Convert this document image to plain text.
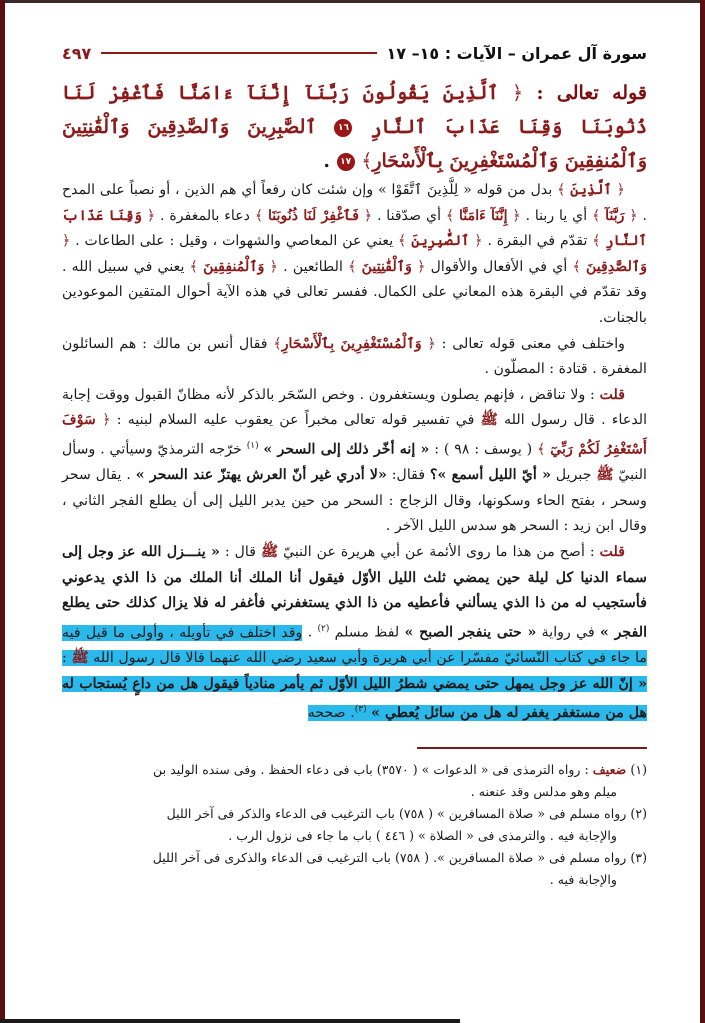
سورة آل عمران – الآيات : ١٥– ١٧
٤٩٧
قوله تعالى : ﴿ ٱلَّذِينَ يَقُولُونَ رَبَّنَآ إِنَّنَآ ءَامَنَّا فَٱغْفِرْ لَنَا ذُنُوبَنَا وَقِنَا عَذَابَ ٱلنَّارِ ١٦ ٱلصَّٰبِرِينَ وَٱلصَّٰدِقِينَ وَٱلْقَٰنِتِينَ وَٱلْمُنفِقِينَ وَٱلْمُسْتَغْفِرِينَ بِٱلْأَسْحَارِ﴾ ١٧ .

﴿ ٱلَّذِينَ ﴾ بدل من قوله « لِلَّذِينَ ٱتَّقَوْا » وإن شئت كان رفعاً أي هم الذين ، أو نصباً على المدح . ﴿ رَبَّنَآ ﴾ أي يا ربنا . ﴿ إِنَّنَآ ءَامَنَّا ﴾ أي صدّقنا . ﴿ فَٱغْفِرْ لَنَا ذُنُوبَنَا ﴾ دعاء بالمغفرة . ﴿ وَقِنَا عَذَابَ ٱلنَّارِ ﴾ تقدّم في البقرة . ﴿ ٱلصَّٰبِرِينَ ﴾ يعني عن المعاصي والشهوات ، وقيل : على الطاعات . ﴿ وَٱلصَّٰدِقِينَ ﴾ أي في الأفعال والأقوال ﴿ وَٱلْقَٰنِتِينَ ﴾ الطائعين . ﴿ وَٱلْمُنفِقِينَ ﴾ يعني في سبيل الله . وقد تقدّم في البقرة هذه المعاني على الكمال. ففسر تعالى في هذه الآية أحوال المتقين الموعودين بالجنات.

واختلف في معنى قوله تعالى : ﴿ وَٱلْمُسْتَغْفِرِينَ بِٱلْأَسْحَارِ﴾ فقال أنس بن مالك : هم السائلون المغفرة . قتادة : المصلّون .

قلت : ولا تناقض ، فإنهم يصلون ويستغفرون . وخص السّحَر بالذكر لأنه مظانّ القبول ووقت إجابة الدعاء . قال رسول الله ﷺ في تفسير قوله تعالى مخبراً عن يعقوب عليه السلام لبنيه : ﴿ سَوْفَ أَسْتَغْفِرُ لَكُمْ رَبِّيٓ ﴾ ( يوسف : ٩٨ ) : « إنه أخّر ذلك إلى السحر » $^{(١)}$ خرّجه الترمذيّ وسيأتي . وسأل النبيّ ﷺ جبريل « أيّ الليل أسمع »؟ فقال: «لا أدري غير أنّ العرش يهتزّ عند السحر » . يقال سحر وسحر ، بفتح الحاء وسكونها، وقال الزجاج : السحر من حين يدبر الليل إلى أن يطلع الفجر الثاني ، وقال ابن زيد : السحر هو سدس الليل الآخر .

قلت : أصح من هذا ما روى الأئمة عن أبي هريرة عن النبيّ ﷺ قال : « ينـــزل الله عز وجل إلى سماء الدنيا كل ليلة حين يمضي ثلث الليل الأوّل فيقول أنا الملك أنا الملك من ذا الذي يدعوني فأستجيب له من ذا الذي يسألني فأعطيه من ذا الذي يستغفرني فأغفر له فلا يزال كذلك حتى يطلع الفجر » في رواية « حتى ينفجر الصبح » لفظ مسلم $^{(٢)}$ . وقد اختلف في تأويله ، وأولى ما قيل فيه ما جاء في كتاب النّسائيّ مفسّرا عن أبي هريرة وأبي سعيد رضي الله عنهما قالا قال رسول الله ﷺ : « إنّ الله عز وجل يمهل حتى يمضي شطرُ الليل الأوّل ثم يأمر منادياً فيقول هل من داعٍ يُستجاب له هل من مستغفر يغفر له هل من سائل يُعطي » $^{(٣)}$. صححه

(١) ضعيف : رواه الترمذى فى « الدعوات » ( ٣٥٧٠) باب فى دعاء الحفظ . وفى سنده الوليد بن

ميلم وهو مدلس وقد عنعنه .

(٢) رواه مسلم فى « صلاة المسافرين » ( ٧٥٨) باب الترغيب فى الدعاء والذكر فى آخر الليل

والإجابة فيه . والترمذى فى « الصلاة » ( ٤٤٦ ) باب ما جاء فى نزول الرب .

(٣) رواه مسلم فى « صلاة المسافرين ». ( ٧٥٨) باب الترغيب فى الدعاء والذكرى فى آخر الليل

والإجابة فيه .
